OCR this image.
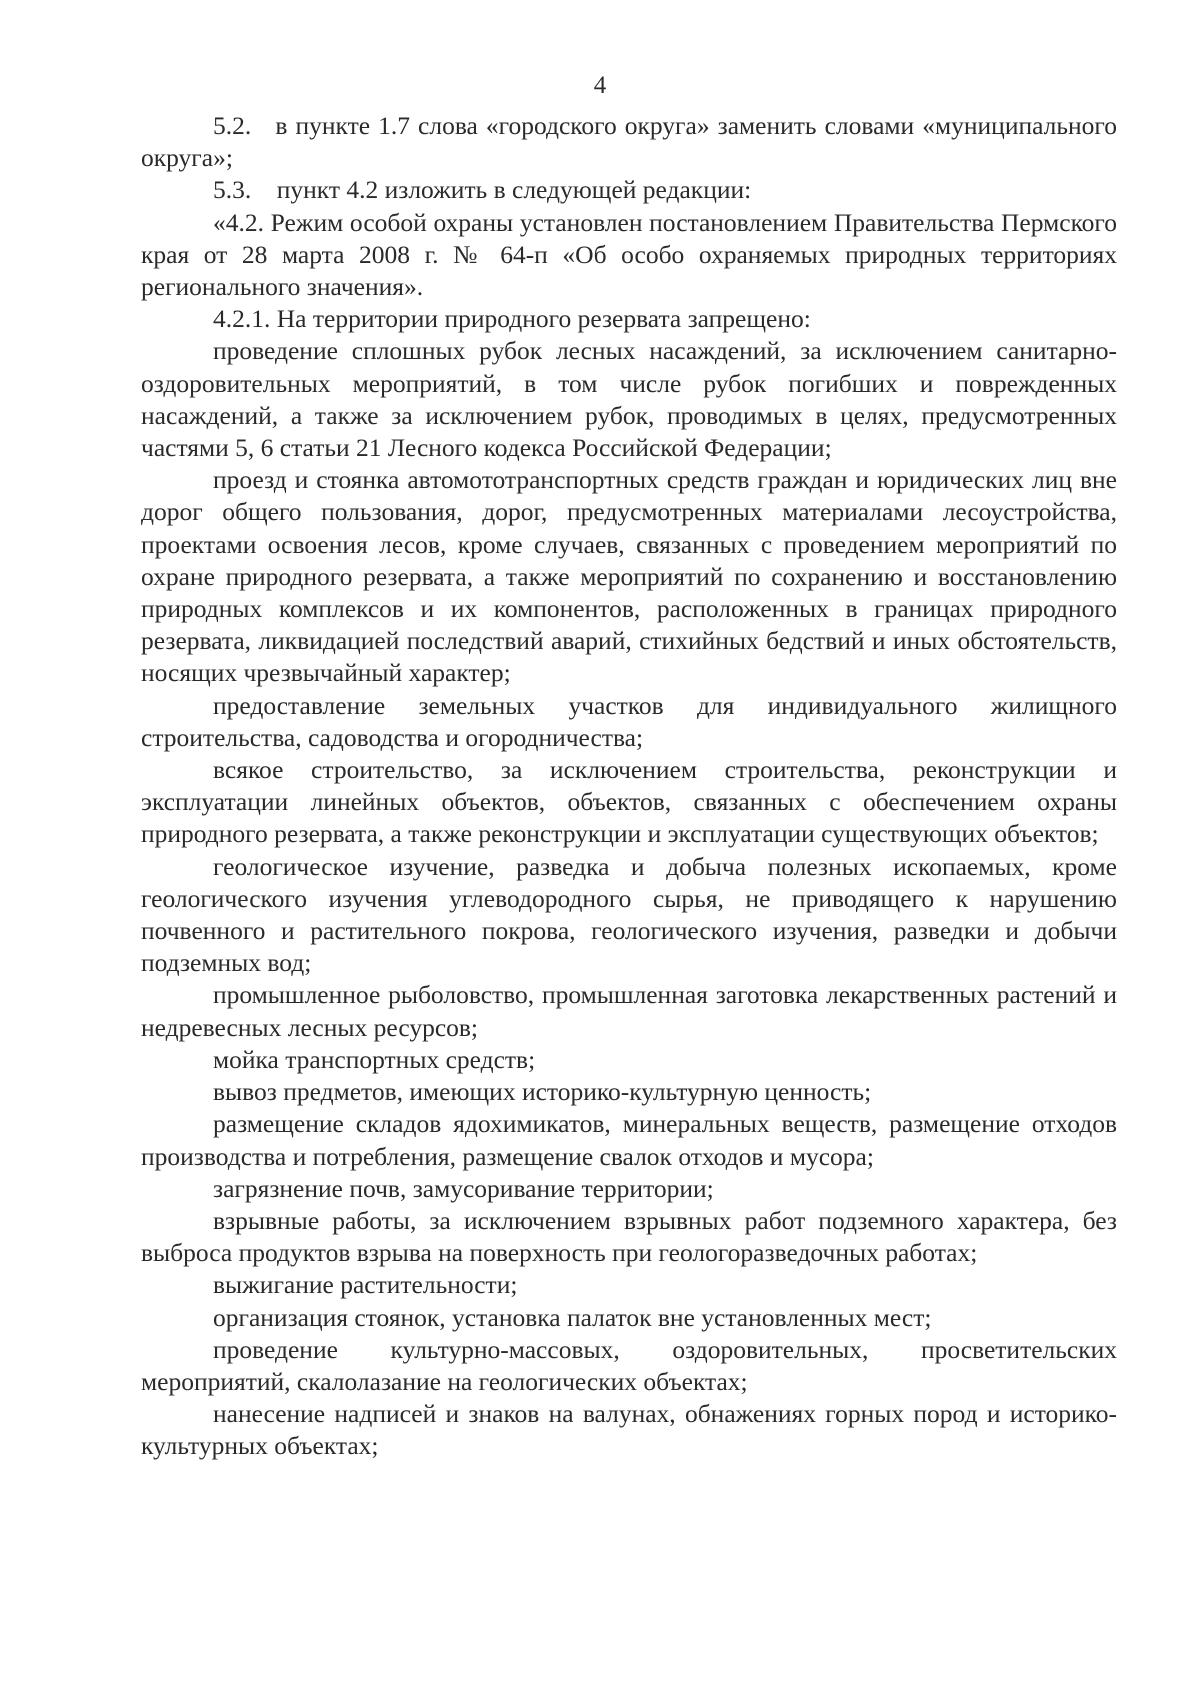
4

5.2.   в пункте 1.7 слова «городского округа» заменить словами «муниципального округа»;

5.3.    пункт 4.2 изложить в следующей редакции:

«4.2. Режим особой охраны установлен постановлением Правительства Пермского края от 28 марта 2008 г. № 64-п «Об особо охраняемых природных территориях регионального значения».

4.2.1. На территории природного резервата запрещено:

проведение сплошных рубок лесных насаждений, за исключением санитарно-оздоровительных мероприятий, в том числе рубок погибших и поврежденных насаждений, а также за исключением рубок, проводимых в целях, предусмотренных частями 5, 6 статьи 21 Лесного кодекса Российской Федерации;

проезд и стоянка автомототранспортных средств граждан и юридических лиц вне дорог общего пользования, дорог, предусмотренных материалами лесоустройства, проектами освоения лесов, кроме случаев, связанных с проведением мероприятий по охране природного резервата, а также мероприятий по сохранению и восстановлению природных комплексов и их компонентов, расположенных в границах природного резервата, ликвидацией последствий аварий, стихийных бедствий и иных обстоятельств, носящих чрезвычайный характер;

предоставление земельных участков для индивидуального жилищного строительства, садоводства и огородничества;

всякое строительство, за исключением строительства, реконструкции и эксплуатации линейных объектов, объектов, связанных с обеспечением охраны природного резервата, а также реконструкции и эксплуатации существующих объектов;

геологическое изучение, разведка и добыча полезных ископаемых, кроме геологического изучения углеводородного сырья, не приводящего к нарушению почвенного и растительного покрова, геологического изучения, разведки и добычи подземных вод;

промышленное рыболовство, промышленная заготовка лекарственных растений и недревесных лесных ресурсов;

мойка транспортных средств;

вывоз предметов, имеющих историко-культурную ценность;

размещение складов ядохимикатов, минеральных веществ, размещение отходов производства и потребления, размещение свалок отходов и мусора;

загрязнение почв, замусоривание территории;

взрывные работы, за исключением взрывных работ подземного характера, без выброса продуктов взрыва на поверхность при геологоразведочных работах;

выжигание растительности;

организация стоянок, установка палаток вне установленных мест;

проведение культурно-массовых, оздоровительных, просветительских мероприятий, скалолазание на геологических объектах;

нанесение надписей и знаков на валунах, обнажениях горных пород и историко-культурных объектах;
